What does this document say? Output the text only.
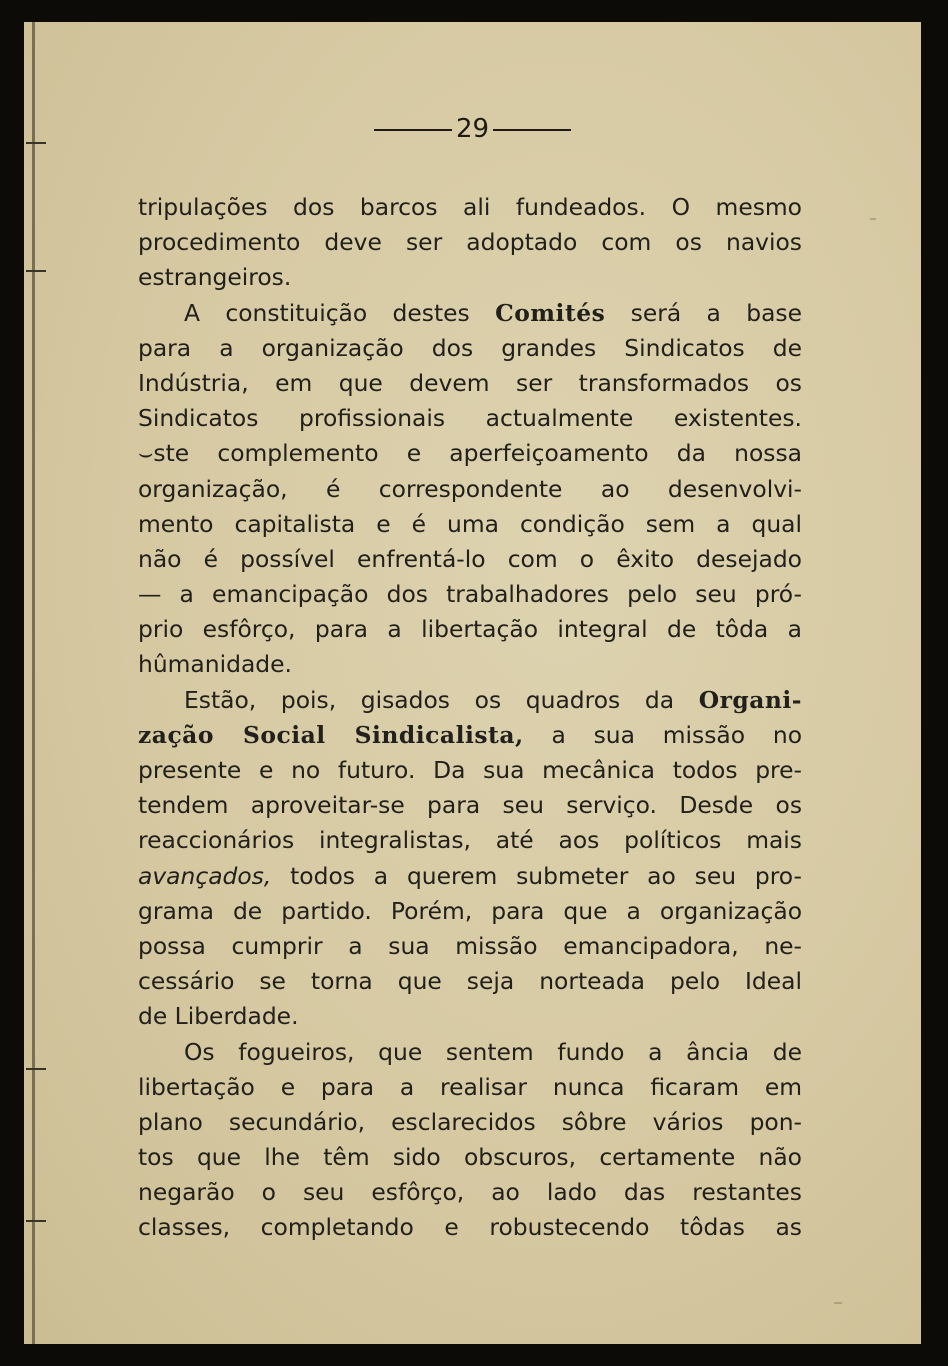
29
tripulações dos barcos ali fundeados. O mesmo
procedimento deve ser adoptado com os navios
estrangeiros.
A constituição destes Comités será a base
para a organização dos grandes Sindicatos de
Indústria, em que devem ser transformados os
Sindicatos profissionais actualmente existentes.
⌣ste complemento e aperfeiçoamento da nossa
organização, é correspondente ao desenvolvi-
mento capitalista e é uma condição sem a qual
não é possível enfrentá-lo com o êxito desejado
— a emancipação dos trabalhadores pelo seu pró-
prio esfôrço, para a libertação integral de tôda a
hûmanidade.
Estão, pois, gisados os quadros da Organi-
zação Social Sindicalista, a sua missão no
presente e no futuro. Da sua mecânica todos pre-
tendem aproveitar-se para seu serviço. Desde os
reaccionários integralistas, até aos políticos mais
avançados, todos a querem submeter ao seu pro-
grama de partido. Porém, para que a organização
possa cumprir a sua missão emancipadora, ne-
cessário se torna que seja norteada pelo Ideal
de Liberdade.
Os fogueiros, que sentem fundo a ância de
libertação e para a realisar nunca ficaram em
plano secundário, esclarecidos sôbre vários pon-
tos que lhe têm sido obscuros, certamente não
negarão o seu esfôrço, ao lado das restantes
classes, completando e robustecendo tôdas as
